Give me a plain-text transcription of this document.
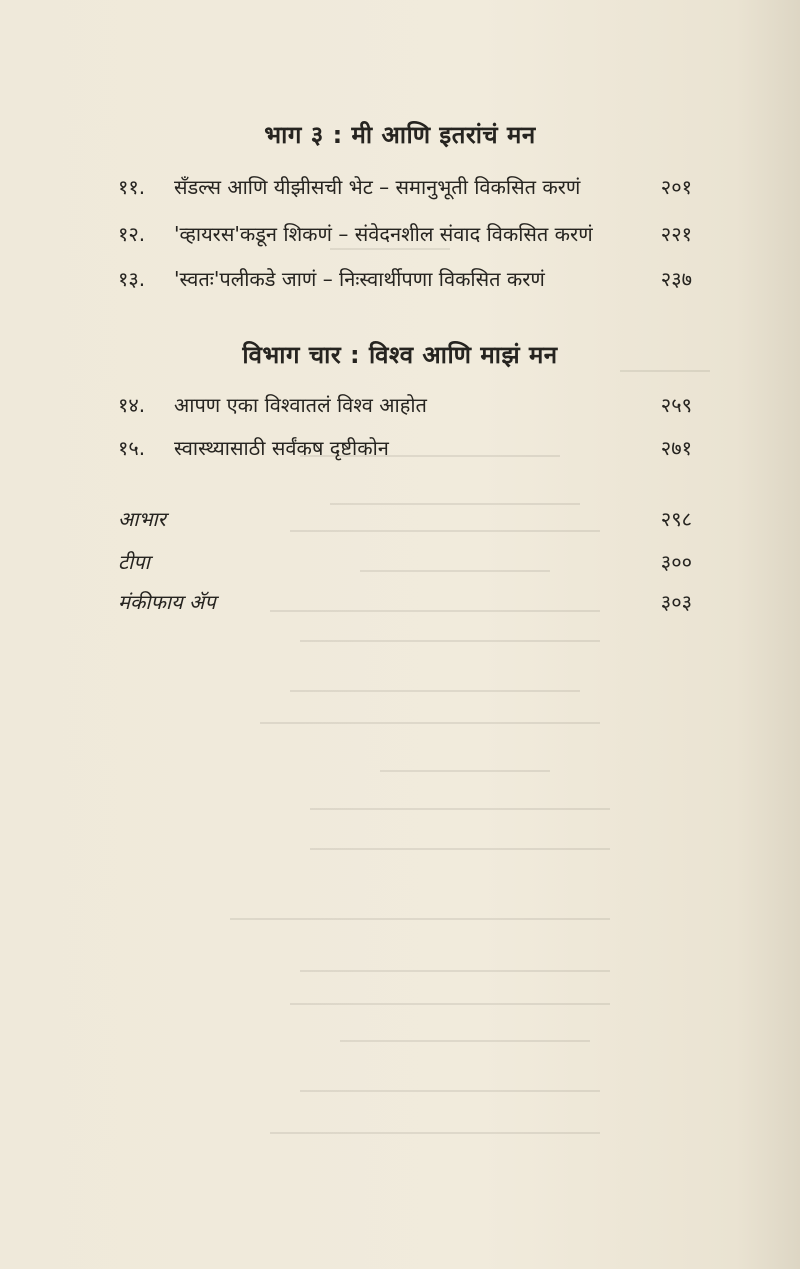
भाग ३ : मी आणि इतरांचं मन
११. सँडल्स आणि यीझीसची भेट – समानुभूती विकसित करणं	२०१
१२. 'व्हायरस'कडून शिकणं – संवेदनशील संवाद विकसित करणं	२२१
१३. 'स्वतः'पलीकडे जाणं – निःस्वार्थीपणा विकसित करणं	२३७
विभाग चार : विश्व आणि माझं मन
१४. आपण एका विश्वातलं विश्व आहोत	२५९
१५. स्वास्थ्यासाठी सर्वंकष दृष्टीकोन	२७१
आभार	२९८
टीपा	३००
मंकीफाय ॲप	३०३
